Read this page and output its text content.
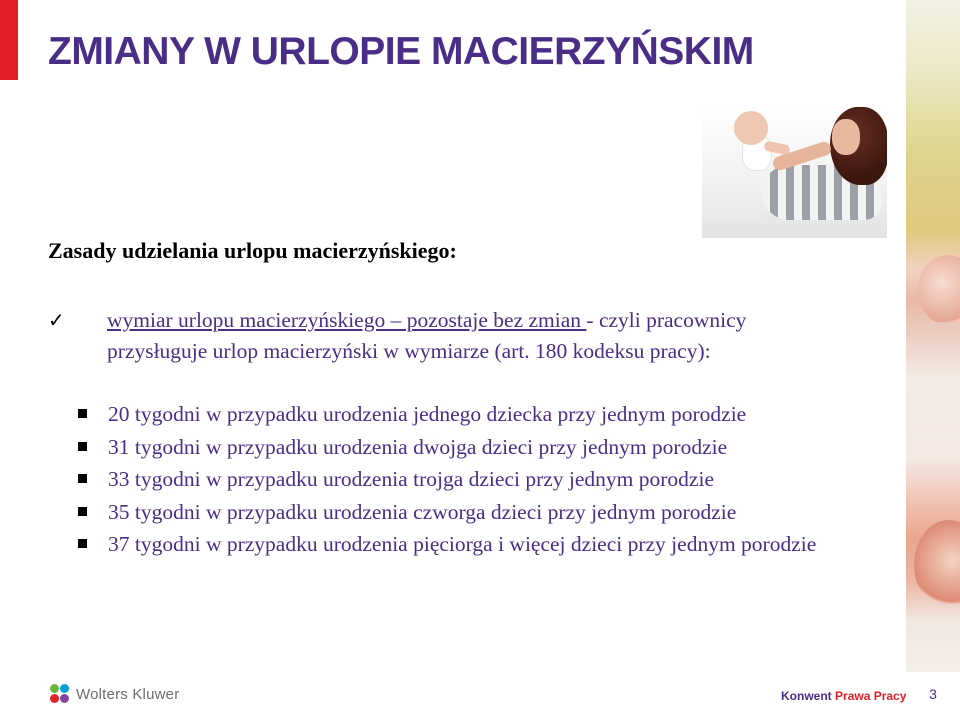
ZMIANY W URLOPIE MACIERZYŃSKIM
Zasady udzielania urlopu macierzyńskiego:
✓	wymiar urlopu macierzyńskiego – pozostaje bez zmian - czyli pracownicy
przysługuje urlop macierzyński w wymiarze (art. 180 kodeksu pracy):
20 tygodni w przypadku urodzenia jednego dziecka przy jednym porodzie
31 tygodni w przypadku urodzenia dwojga dzieci przy jednym porodzie
33 tygodni w przypadku urodzenia trojga dzieci przy jednym porodzie
35 tygodni w przypadku urodzenia czworga dzieci przy jednym porodzie
37 tygodni w przypadku urodzenia pięciorga i więcej dzieci przy jednym porodzie
Wolters Kluwer	Konwent Prawa Pracy	3
